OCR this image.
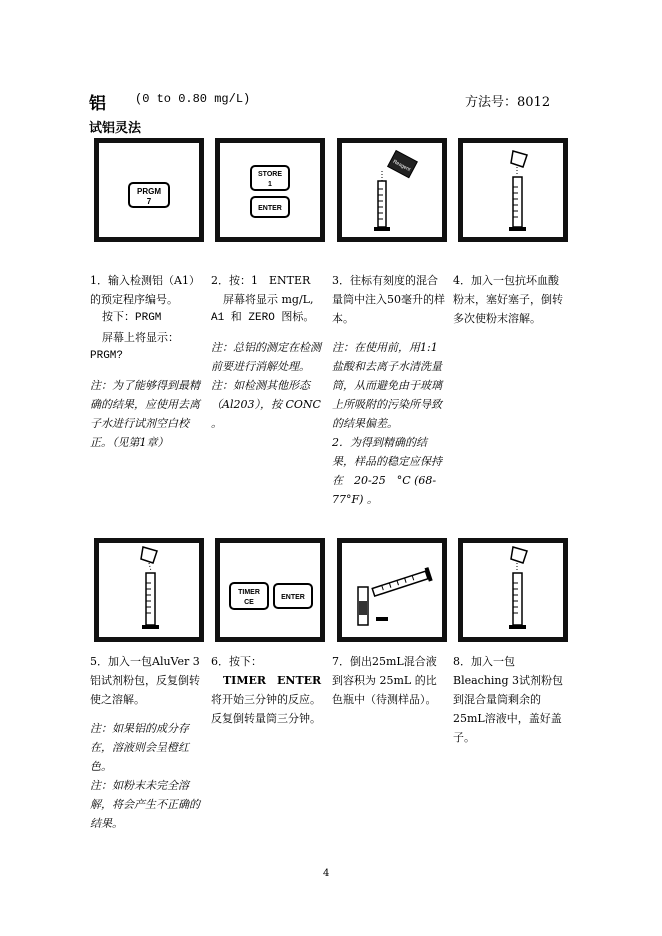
铝 (0 to 0.80 mg/L)	方法号：8012
试铝灵法
PRGM
7
STORE
1
ENTER
Reagent

1．输入检测铝（A1）的预定程序编号。

按下：PRGM

屏幕上将显示：

PRGM?

注：为了能够得到最精确的结果，应使用去离子水进行试剂空白校正。（见第1章）

2．按：1　ENTER

屏幕将显示 mg/L,

A1 和 ZERO 图标。

注：总铝的测定在检测前要进行消解处理。

注：如检测其他形态（Al203），按 CONC 。

3．往标有刻度的混合量筒中注入50毫升的样本。

注：在使用前，用1:1 盐酸和去离子水清洗量筒，从而避免由于玻璃上所吸附的污染所导致的结果偏差。

2．为得到精确的结果，样品的稳定应保持　在　20-25　°C (68-77°F) 。

4．加入一包抗坏血酸粉末，塞好塞子，倒转多次使粉末溶解。

TIMER
CE
ENTER

5．加入一包AluVer 3铝试剂粉包，反复倒转使之溶解。

注：如果铝的成分存在，溶液则会呈橙红色。

注：如粉末未完全溶解，将会产生不正确的结果。

6．按下：

TIMER　ENTER

将开始三分钟的反应。反复倒转量筒三分钟。

7．倒出25mL混合液到容积为 25mL 的比色瓶中（待测样品）。

8．加入一包 Bleaching 3试剂粉包到混合量筒剩余的25mL溶液中，盖好盖子。

4
